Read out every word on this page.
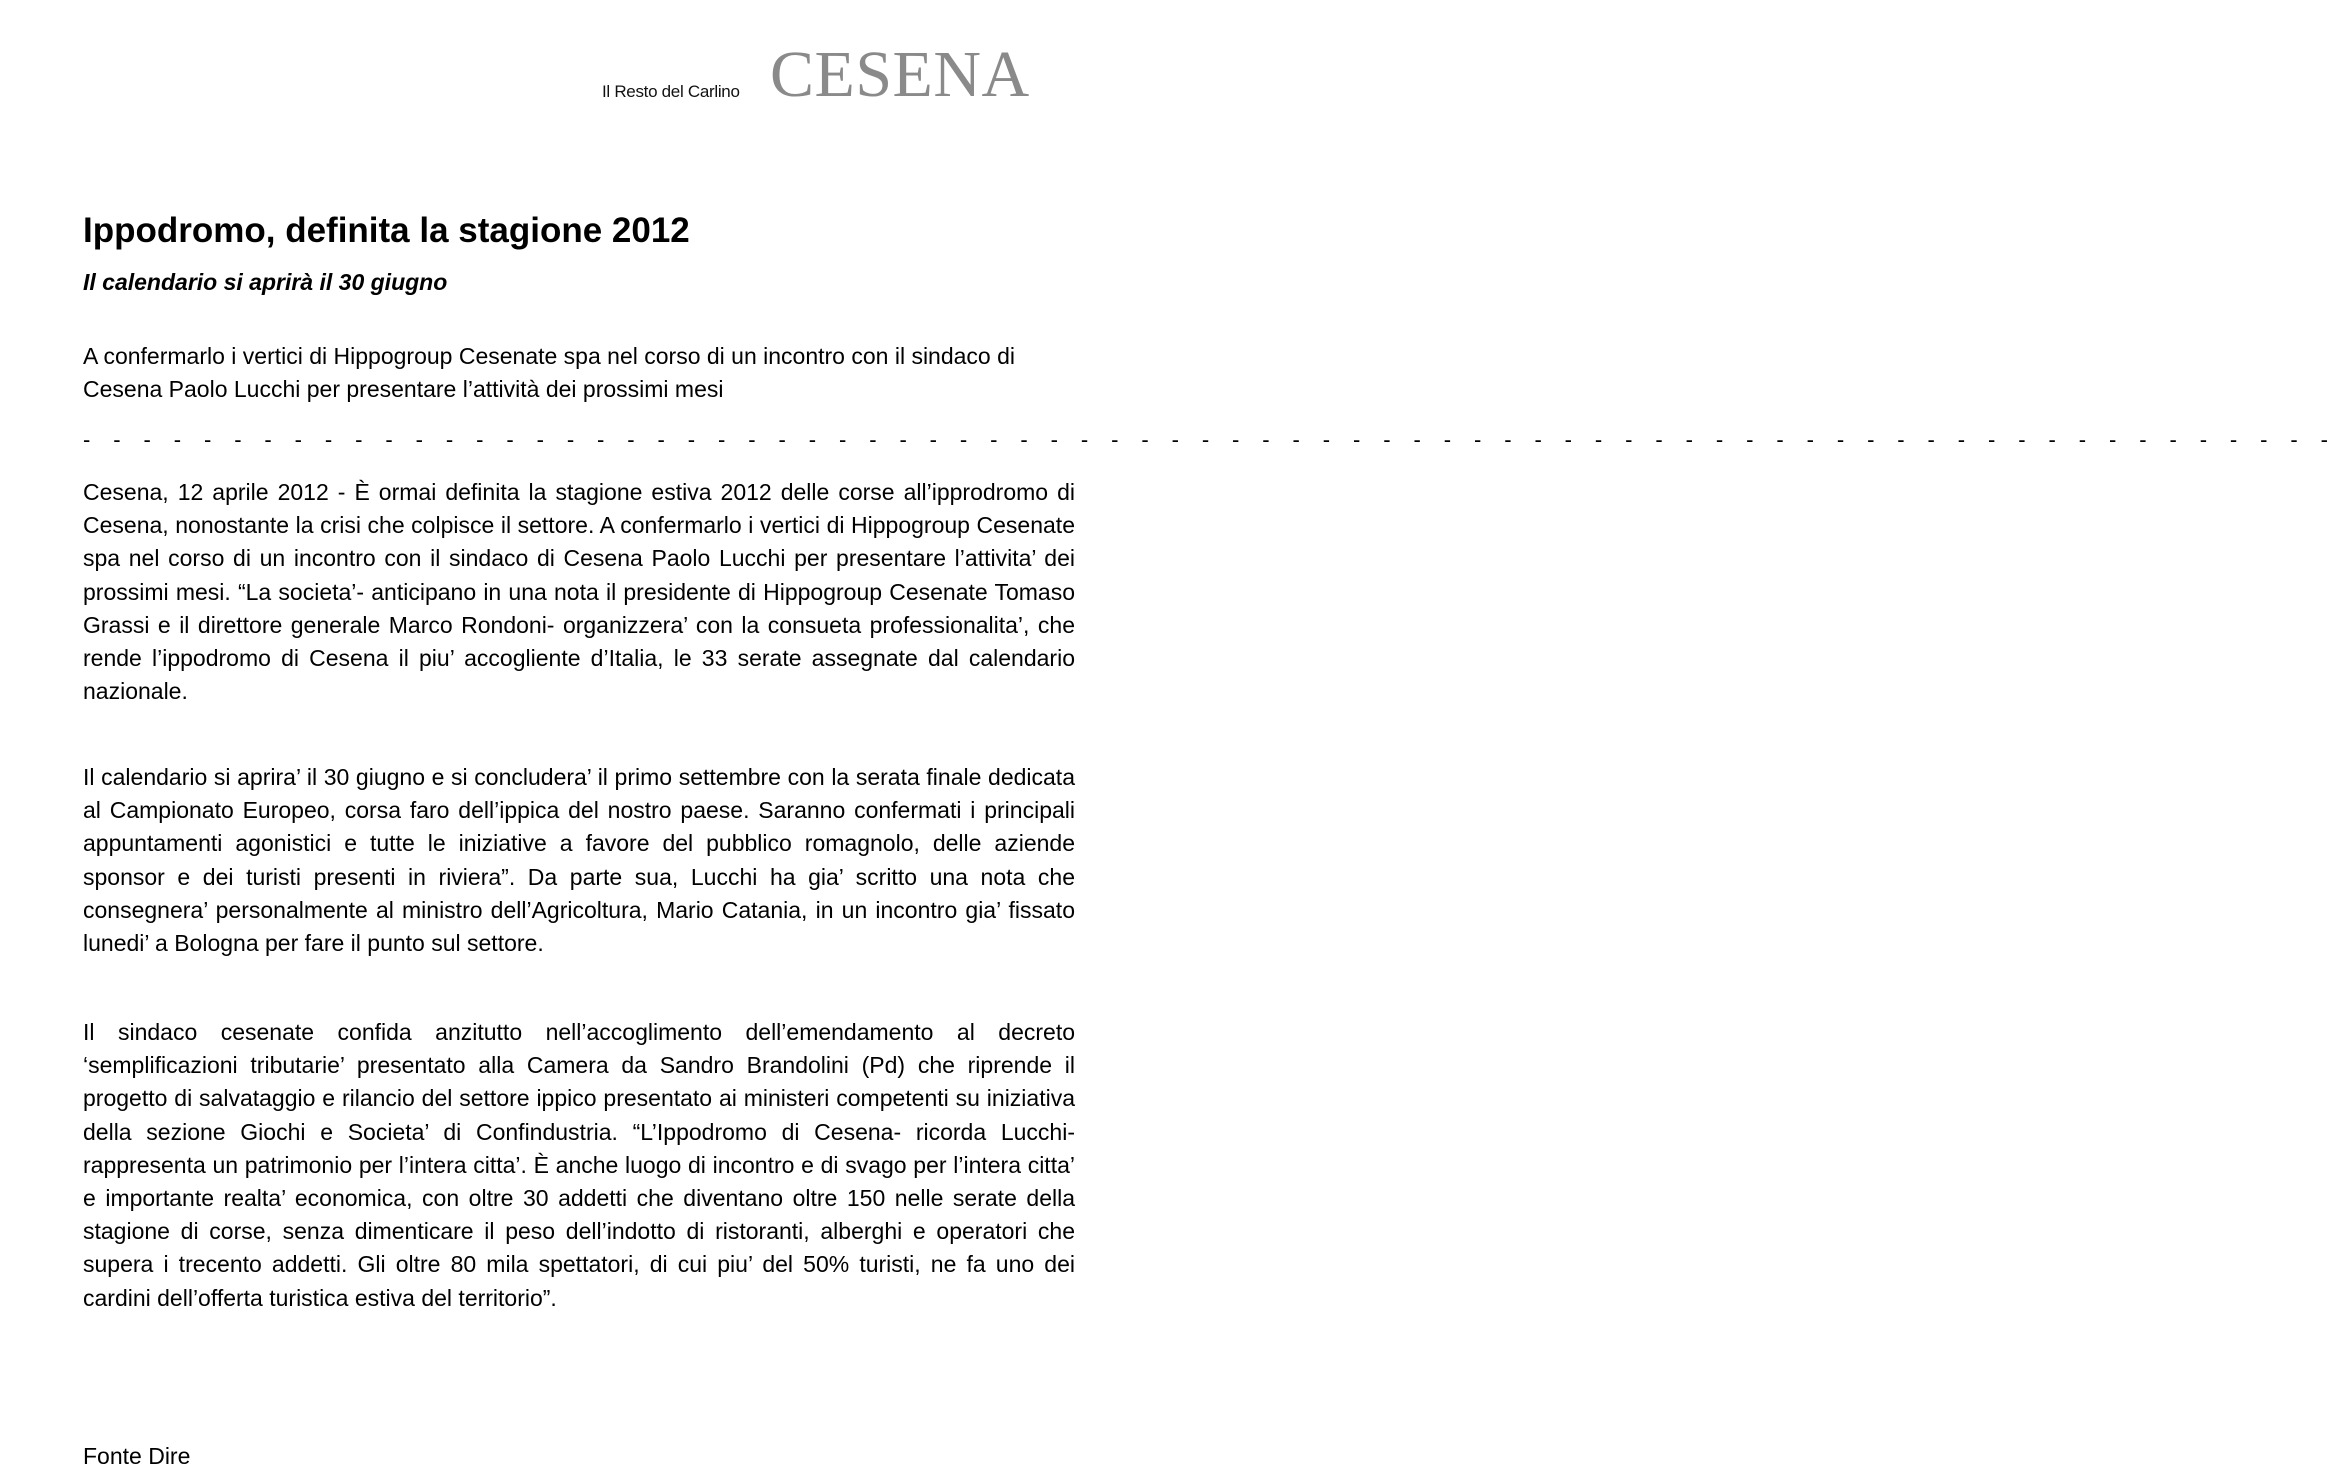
Il Resto del Carlino CESENA
Ippodromo, definita la stagione 2012
Il calendario si aprirà il 30 giugno

A confermarlo i vertici di Hippogroup Cesenate spa nel corso di un incontro con il sindaco di Cesena Paolo Lucchi per presentare l’attività dei prossimi mesi

- - - - - - - - - - - - - - - - - - - - - - - - - - - - - - - - - - - - - - - - - - - - - - - - - - - - - - - - - - - - - - - - - - - - - - - - - - -

Cesena, 12 aprile 2012 - È ormai definita la stagione estiva 2012 delle corse all’ipprodromo di Cesena, nonostante la crisi che colpisce il settore. A confermarlo i vertici di Hippogroup Cesenate spa nel corso di un incontro con il sindaco di Cesena Paolo Lucchi per presentare l’attivita’ dei prossimi mesi. “La societa’- anticipano in una nota il presidente di Hippogroup Cesenate Tomaso Grassi e il direttore generale Marco Rondoni- organizzera’ con la consueta professionalita’, che rende l’ippodromo di Cesena il piu’ accogliente d’Italia, le 33 serate assegnate dal calendario nazionale.

Il calendario si aprira’ il 30 giugno e si concludera’ il primo settembre con la serata finale dedicata al Campionato Europeo, corsa faro dell’ippica del nostro paese. Saranno confermati i principali appuntamenti agonistici e tutte le iniziative a favore del pubblico romagnolo, delle aziende sponsor e dei turisti presenti in riviera”. Da parte sua, Lucchi ha gia’ scritto una nota che consegnera’ personalmente al ministro dell’Agricoltura, Mario Catania, in un incontro gia’ fissato lunedi’ a Bologna per fare il punto sul settore.

Il sindaco cesenate confida anzitutto nell’accoglimento dell’emendamento al decreto ‘semplificazioni tributarie’ presentato alla Camera da Sandro Brandolini (Pd) che riprende il progetto di salvataggio e rilancio del settore ippico presentato ai ministeri competenti su iniziativa della sezione Giochi e Societa’ di Confindustria. “L’Ippodromo di Cesena- ricorda Lucchi- rappresenta un patrimonio per l’intera citta’. È anche luogo di incontro e di svago per l’intera citta’ e importante realta’ economica, con oltre 30 addetti che diventano oltre 150 nelle serate della stagione di corse, senza dimenticare il peso dell’indotto di ristoranti, alberghi e operatori che supera i trecento addetti. Gli oltre 80 mila spettatori, di cui piu’ del 50% turisti, ne fa uno dei cardini dell’offerta turistica estiva del territorio”.

Fonte Dire
